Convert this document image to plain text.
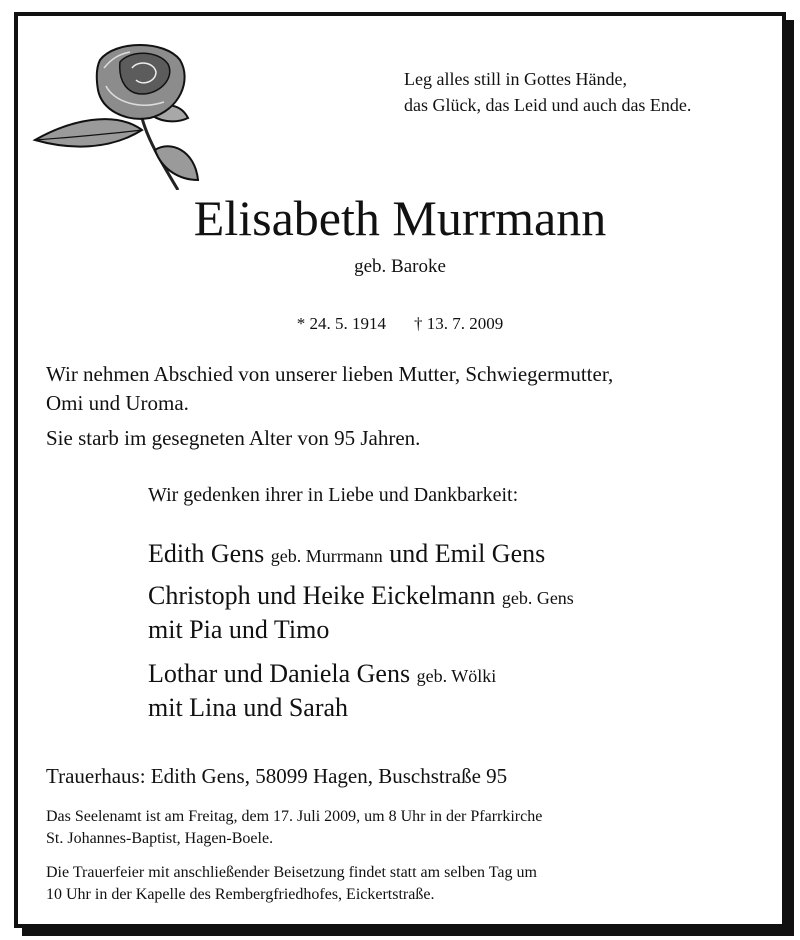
Leg alles still in Gottes Hände,
das Glück, das Leid und auch das Ende.
Elisabeth Murrmann
geb. Baroke
* 24. 5. 1914 † 13. 7. 2009
Wir nehmen Abschied von unserer lieben Mutter, Schwiegermutter,
Omi und Uroma.
Sie starb im gesegneten Alter von 95 Jahren.
Wir gedenken ihrer in Liebe und Dankbarkeit:
Edith Gens geb. Murrmann und Emil Gens
Christoph und Heike Eickelmann geb. Gens
mit Pia und Timo
Lothar und Daniela Gens geb. Wölki
mit Lina und Sarah
Trauerhaus: Edith Gens, 58099 Hagen, Buschstraße 95
Das Seelenamt ist am Freitag, dem 17. Juli 2009, um 8 Uhr in der Pfarrkirche
St. Johannes-Baptist, Hagen-Boele.
Die Trauerfeier mit anschließender Beisetzung findet statt am selben Tag um
10 Uhr in der Kapelle des Rembergfriedhofes, Eickertstraße.
